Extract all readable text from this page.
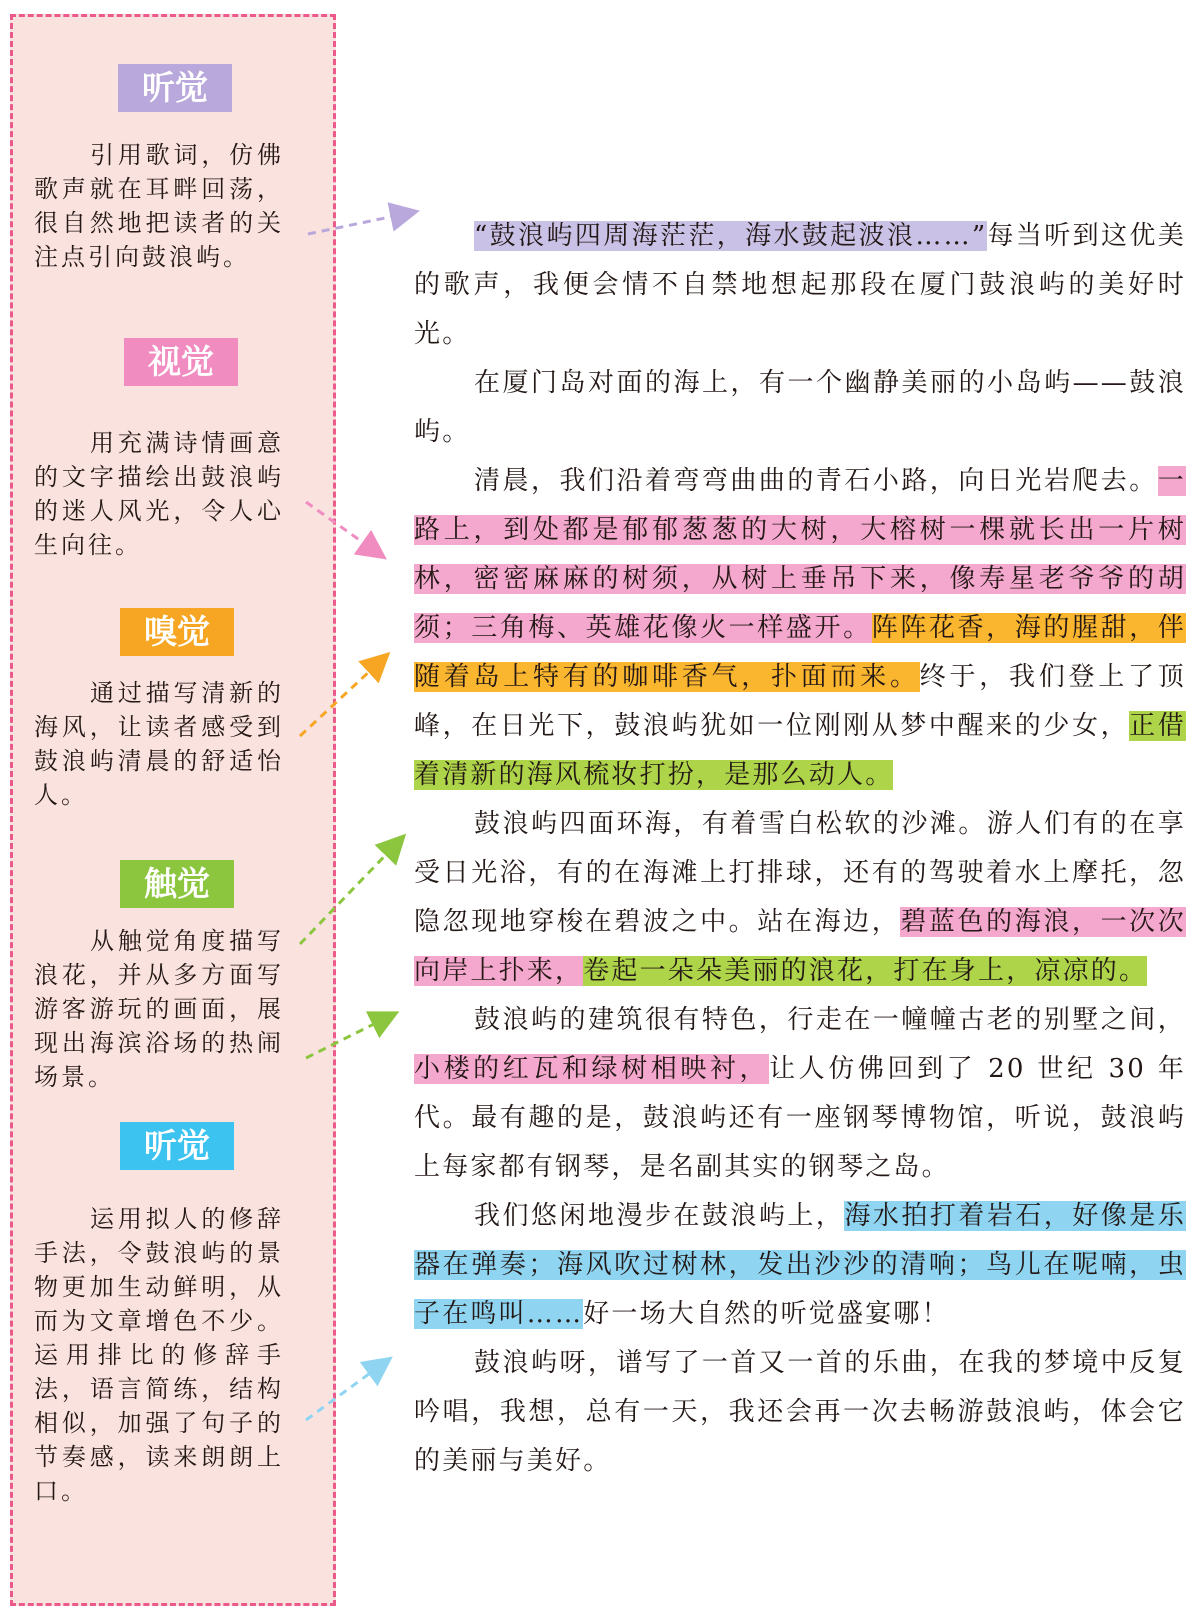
听觉

引用歌词，仿佛歌声就在耳畔回荡，很自然地把读者的关注点引向鼓浪屿。

视觉

用充满诗情画意的文字描绘出鼓浪屿的迷人风光，令人心生向往。

嗅觉

通过描写清新的海风，让读者感受到鼓浪屿清晨的舒适怡人。

触觉

从触觉角度描写浪花，并从多方面写游客游玩的画面，展现出海滨浴场的热闹场景。

听觉

运用拟人的修辞手法，令鼓浪屿的景物更加生动鲜明，从而为文章增色不少。运用排比的修辞手法，语言简练，结构相似，加强了句子的节奏感，读来朗朗上口。

“鼓浪屿四周海茫茫，海水鼓起波浪……”每当听到这优美的歌声，我便会情不自禁地想起那段在厦门鼓浪屿的美好时光。

在厦门岛对面的海上，有一个幽静美丽的小岛屿——鼓浪屿。

清晨，我们沿着弯弯曲曲的青石小路，向日光岩爬去。一路上，到处都是郁郁葱葱的大树，大榕树一棵就长出一片树林，密密麻麻的树须，从树上垂吊下来，像寿星老爷爷的胡须；三角梅、英雄花像火一样盛开。阵阵花香，海的腥甜，伴随着岛上特有的咖啡香气，扑面而来。终于，我们登上了顶峰，在日光下，鼓浪屿犹如一位刚刚从梦中醒来的少女，正借着清新的海风梳妆打扮，是那么动人。

鼓浪屿四面环海，有着雪白松软的沙滩。游人们有的在享受日光浴，有的在海滩上打排球，还有的驾驶着水上摩托，忽隐忽现地穿梭在碧波之中。站在海边，碧蓝色的海浪，一次次向岸上扑来，卷起一朵朵美丽的浪花，打在身上，凉凉的。

鼓浪屿的建筑很有特色，行走在一幢幢古老的别墅之间，小楼的红瓦和绿树相映衬，让人仿佛回到了 20 世纪 30 年代。最有趣的是，鼓浪屿还有一座钢琴博物馆，听说，鼓浪屿上每家都有钢琴，是名副其实的钢琴之岛。

我们悠闲地漫步在鼓浪屿上，海水拍打着岩石，好像是乐器在弹奏；海风吹过树林，发出沙沙的清响；鸟儿在呢喃，虫子在鸣叫……好一场大自然的听觉盛宴哪！

鼓浪屿呀，谱写了一首又一首的乐曲，在我的梦境中反复吟唱，我想，总有一天，我还会再一次去畅游鼓浪屿，体会它的美丽与美好。
